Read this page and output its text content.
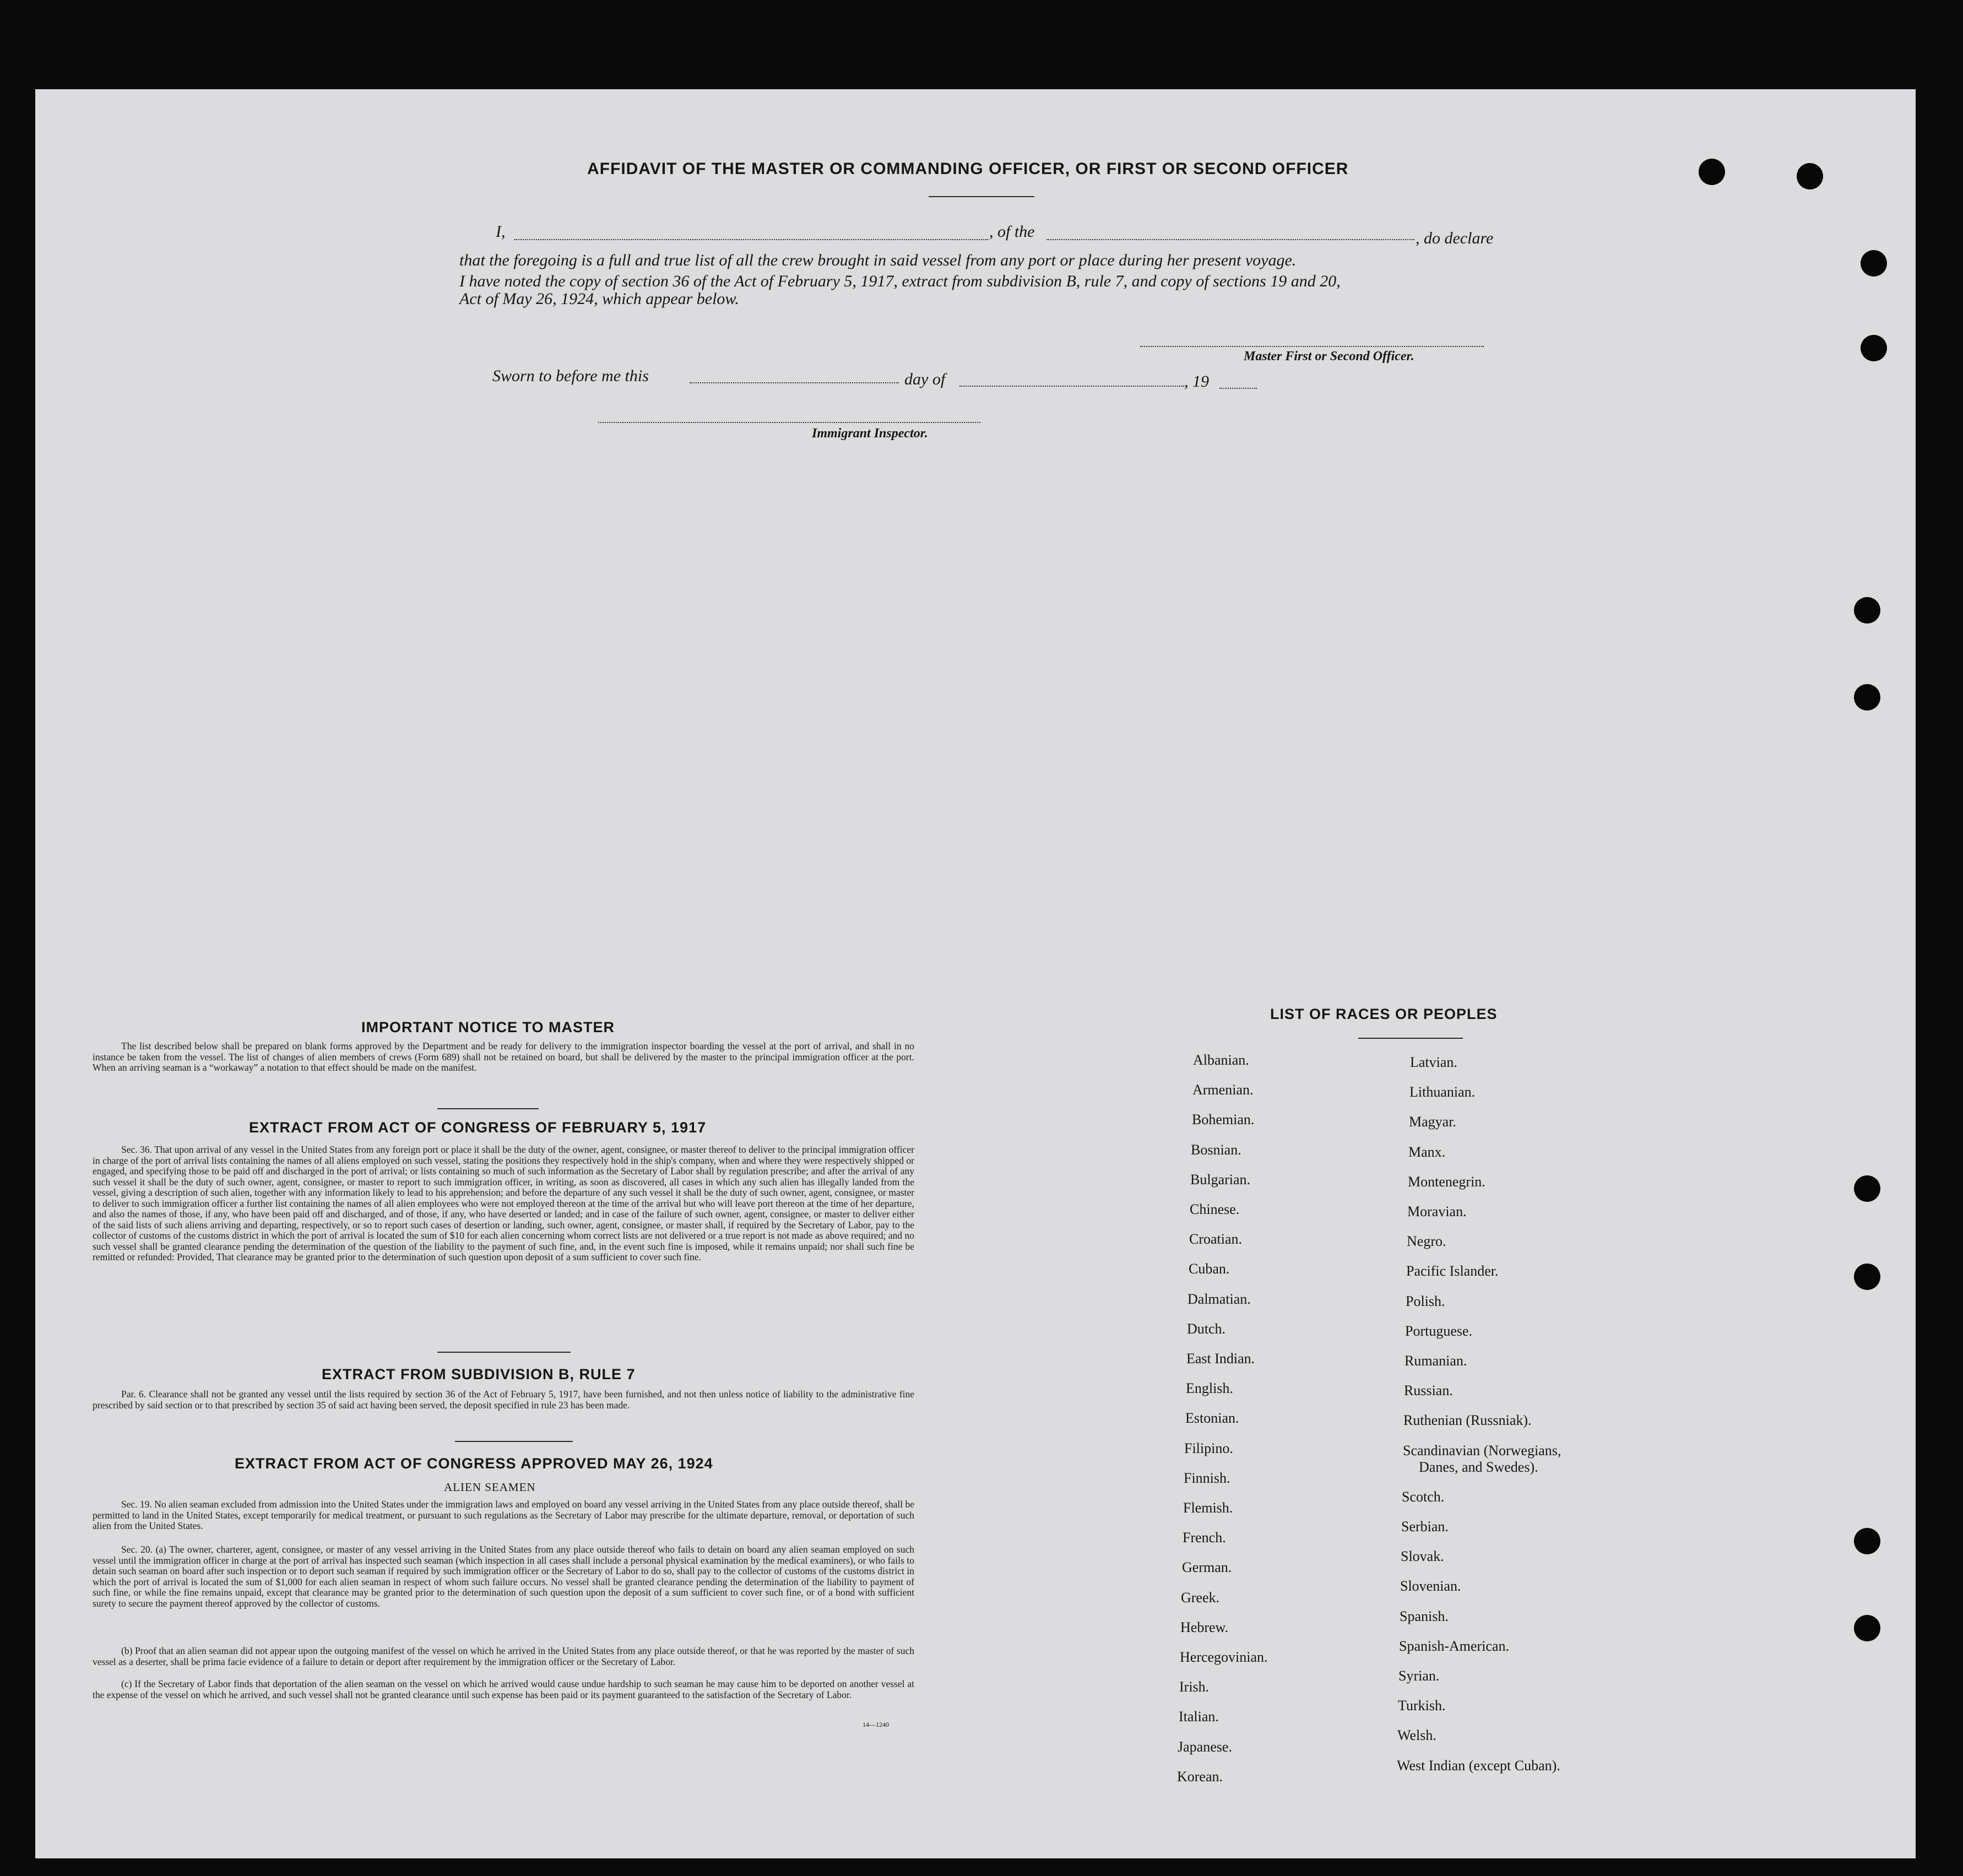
AFFIDAVIT OF THE MASTER OR COMMANDING OFFICER, OR FIRST OR SECOND OFFICER
I,	, of the	, do declare
that the foregoing is a full and true list of all the crew brought in said vessel from any port or place during her present voyage.
I have noted the copy of section 36 of the Act of February 5, 1917, extract from subdivision B, rule 7, and copy of sections 19 and 20,
Act of May 26, 1924, which appear below.
Master First or Second Officer.
Sworn to before me this	day of	, 19
Immigrant Inspector.
IMPORTANT NOTICE TO MASTER
The list described below shall be prepared on blank forms approved by the Department and be ready for delivery to the immigration inspector boarding the vessel at the port of arrival, and shall in no instance be taken from the vessel. The list of changes of alien members of crews (Form 689) shall not be retained on board, but shall be delivered by the master to the principal immigration officer at the port. When an arriving seaman is a “workaway” a notation to that effect should be made on the manifest.
EXTRACT FROM ACT OF CONGRESS OF FEBRUARY 5, 1917
Sec. 36. That upon arrival of any vessel in the United States from any foreign port or place it shall be the duty of the owner, agent, consignee, or master thereof to deliver to the principal immigration officer in charge of the port of arrival lists containing the names of all aliens employed on such vessel, stating the positions they respectively hold in the ship's company, when and where they were respectively shipped or engaged, and specifying those to be paid off and discharged in the port of arrival; or lists containing so much of such information as the Secretary of Labor shall by regulation prescribe; and after the arrival of any such vessel it shall be the duty of such owner, agent, consignee, or master to report to such immigration officer, in writing, as soon as discovered, all cases in which any such alien has illegally landed from the vessel, giving a description of such alien, together with any information likely to lead to his apprehension; and before the departure of any such vessel it shall be the duty of such owner, agent, consignee, or master to deliver to such immigration officer a further list containing the names of all alien employees who were not employed thereon at the time of the arrival but who will leave port thereon at the time of her departure, and also the names of those, if any, who have been paid off and discharged, and of those, if any, who have deserted or landed; and in case of the failure of such owner, agent, consignee, or master to deliver either of the said lists of such aliens arriving and departing, respectively, or so to report such cases of desertion or landing, such owner, agent, consignee, or master shall, if required by the Secretary of Labor, pay to the collector of customs of the customs district in which the port of arrival is located the sum of $10 for each alien concerning whom correct lists are not delivered or a true report is not made as above required; and no such vessel shall be granted clearance pending the determination of the question of the liability to the payment of such fine, and, in the event such fine is imposed, while it remains unpaid; nor shall such fine be remitted or refunded: Provided, That clearance may be granted prior to the determination of such question upon deposit of a sum sufficient to cover such fine.
EXTRACT FROM SUBDIVISION B, RULE 7
Par. 6. Clearance shall not be granted any vessel until the lists required by section 36 of the Act of February 5, 1917, have been furnished, and not then unless notice of liability to the administrative fine prescribed by said section or to that prescribed by section 35 of said act having been served, the deposit specified in rule 23 has been made.
EXTRACT FROM ACT OF CONGRESS APPROVED MAY 26, 1924
ALIEN SEAMEN
Sec. 19. No alien seaman excluded from admission into the United States under the immigration laws and employed on board any vessel arriving in the United States from any place outside thereof, shall be permitted to land in the United States, except temporarily for medical treatment, or pursuant to such regulations as the Secretary of Labor may prescribe for the ultimate departure, removal, or deportation of such alien from the United States.
Sec. 20. (a) The owner, charterer, agent, consignee, or master of any vessel arriving in the United States from any place outside thereof who fails to detain on board any alien seaman employed on such vessel until the immigration officer in charge at the port of arrival has inspected such seaman (which inspection in all cases shall include a personal physical examination by the medical examiners), or who fails to detain such seaman on board after such inspection or to deport such seaman if required by such immigration officer or the Secretary of Labor to do so, shall pay to the collector of customs of the customs district in which the port of arrival is located the sum of $1,000 for each alien seaman in respect of whom such failure occurs. No vessel shall be granted clearance pending the determination of the liability to payment of such fine, or while the fine remains unpaid, except that clearance may be granted prior to the determination of such question upon the deposit of a sum sufficient to cover such fine, or of a bond with sufficient surety to secure the payment thereof approved by the collector of customs.
(b) Proof that an alien seaman did not appear upon the outgoing manifest of the vessel on which he arrived in the United States from any place outside thereof, or that he was reported by the master of such vessel as a deserter, shall be prima facie evidence of a failure to detain or deport after requirement by the immigration officer or the Secretary of Labor.
(c) If the Secretary of Labor finds that deportation of the alien seaman on the vessel on which he arrived would cause undue hardship to such seaman he may cause him to be deported on another vessel at the expense of the vessel on which he arrived, and such vessel shall not be granted clearance until such expense has been paid or its payment guaranteed to the satisfaction of the Secretary of Labor.
14—1240
LIST OF RACES OR PEOPLES
Albanian.
Armenian.
Bohemian.
Bosnian.
Bulgarian.
Chinese.
Croatian.
Cuban.
Dalmatian.
Dutch.
East Indian.
English.
Estonian.
Filipino.
Finnish.
Flemish.
French.
German.
Greek.
Hebrew.
Hercegovinian.
Irish.
Italian.
Japanese.
Korean.
Latvian.
Lithuanian.
Magyar.
Manx.
Montenegrin.
Moravian.
Negro.
Pacific Islander.
Polish.
Portuguese.
Rumanian.
Russian.
Ruthenian (Russniak).
Scandinavian (Norwegians,
Danes, and Swedes).
Scotch.
Serbian.
Slovak.
Slovenian.
Spanish.
Spanish-American.
Syrian.
Turkish.
Welsh.
West Indian (except Cuban).
